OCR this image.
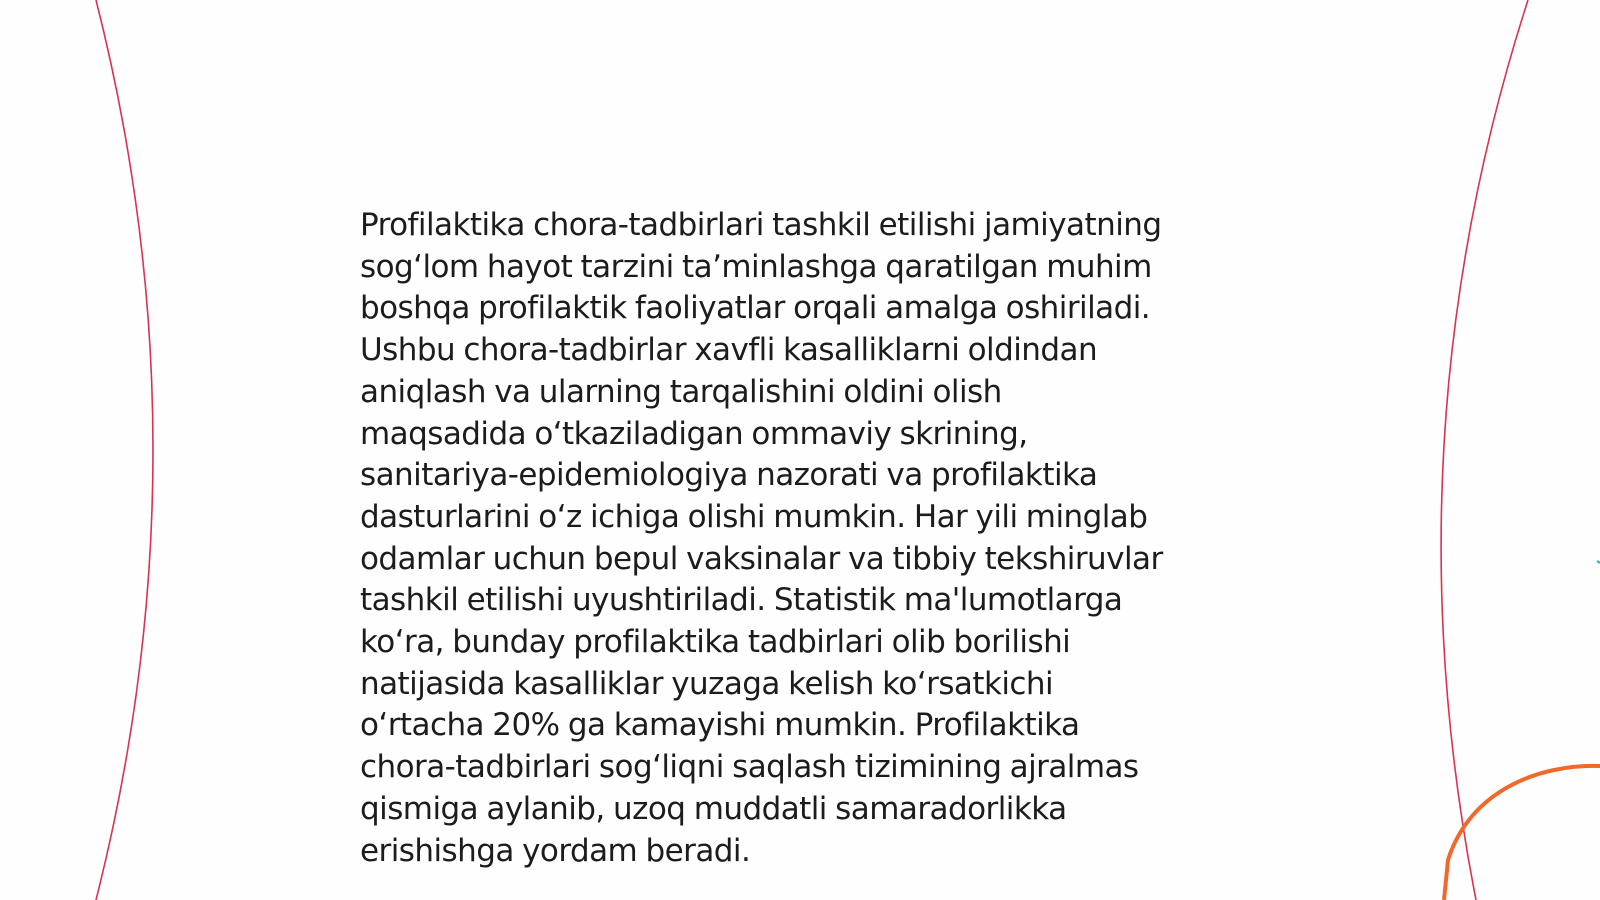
Profilaktika chora-tadbirlari tashkil etilishi jamiyatning
sog‘lom hayot tarzini ta’minlashga qaratilgan muhim
boshqa profilaktik faoliyatlar orqali amalga oshiriladi.
Ushbu chora-tadbirlar xavfli kasalliklarni oldindan
aniqlash va ularning tarqalishini oldini olish
maqsadida o‘tkaziladigan ommaviy skrining,
sanitariya-epidemiologiya nazorati va profilaktika
dasturlarini o‘z ichiga olishi mumkin. Har yili minglab
odamlar uchun bepul vaksinalar va tibbiy tekshiruvlar
tashkil etilishi uyushtiriladi. Statistik ma'lumotlarga
ko‘ra, bunday profilaktika tadbirlari olib borilishi
natijasida kasalliklar yuzaga kelish ko‘rsatkichi
o‘rtacha 20% ga kamayishi mumkin. Profilaktika
chora-tadbirlari sog‘liqni saqlash tizimining ajralmas
qismiga aylanib, uzoq muddatli samaradorlikka
erishishga yordam beradi.
